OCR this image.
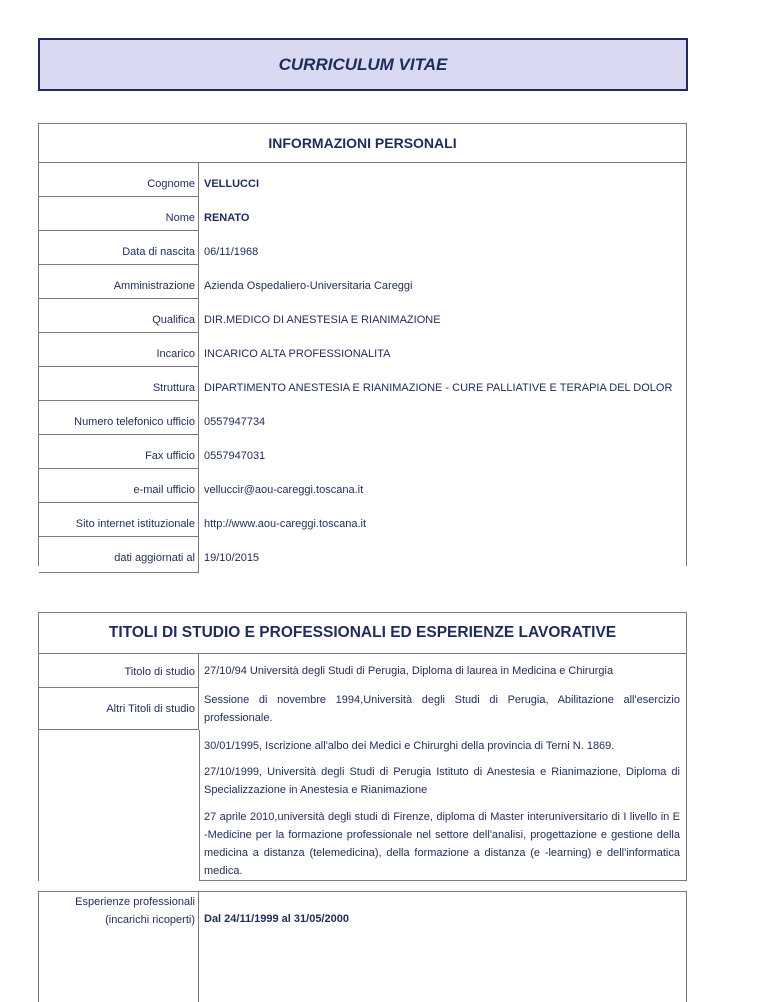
CURRICULUM VITAE
INFORMAZIONI PERSONALI
Cognome VELLUCCI
Nome RENATO
Data di nascita 06/11/1968
Amministrazione Azienda Ospedaliero-Universitaria Careggi
Qualifica DIR.MEDICO DI ANESTESIA E RIANIMAZIONE
Incarico INCARICO ALTA PROFESSIONALITA
Struttura DIPARTIMENTO ANESTESIA E RIANIMAZIONE - CURE PALLIATIVE E TERAPIA DEL DOLOR
Numero telefonico ufficio 0557947734
Fax ufficio 0557947031
e-mail ufficio velluccir@aou-careggi.toscana.it
Sito internet istituzionale http://www.aou-careggi.toscana.it
dati aggiornati al 19/10/2015
TITOLI DI STUDIO E PROFESSIONALI ED ESPERIENZE LAVORATIVE
Titolo di studio 27/10/94 Università degli Studi di Perugia, Diploma di laurea in Medicina e Chirurgia
Altri Titoli di studio
Sessione di novembre 1994,Università degli Studi di Perugia, Abilitazione all'esercizio professionale.
30/01/1995, Iscrizione all'albo dei Medici e Chirurghi della provincia di Terni N. 1869.
27/10/1999, Università degli Studi di Perugia Istituto di Anestesia e Rianimazione, Diploma di Specializzazione in Anestesia e Rianimazione
27 aprile 2010,università degli studi di Firenze, diploma di Master interuniversitario di I livello in E -Medicine per la formazione professionale nel settore dell'analisi, progettazione e gestione della medicina a distanza (telemedicina), della formazione a distanza (e -learning) e dell'informatica medica.
Esperienze professionali
(incarichi ricoperti) Dal 24/11/1999 al 31/05/2000
